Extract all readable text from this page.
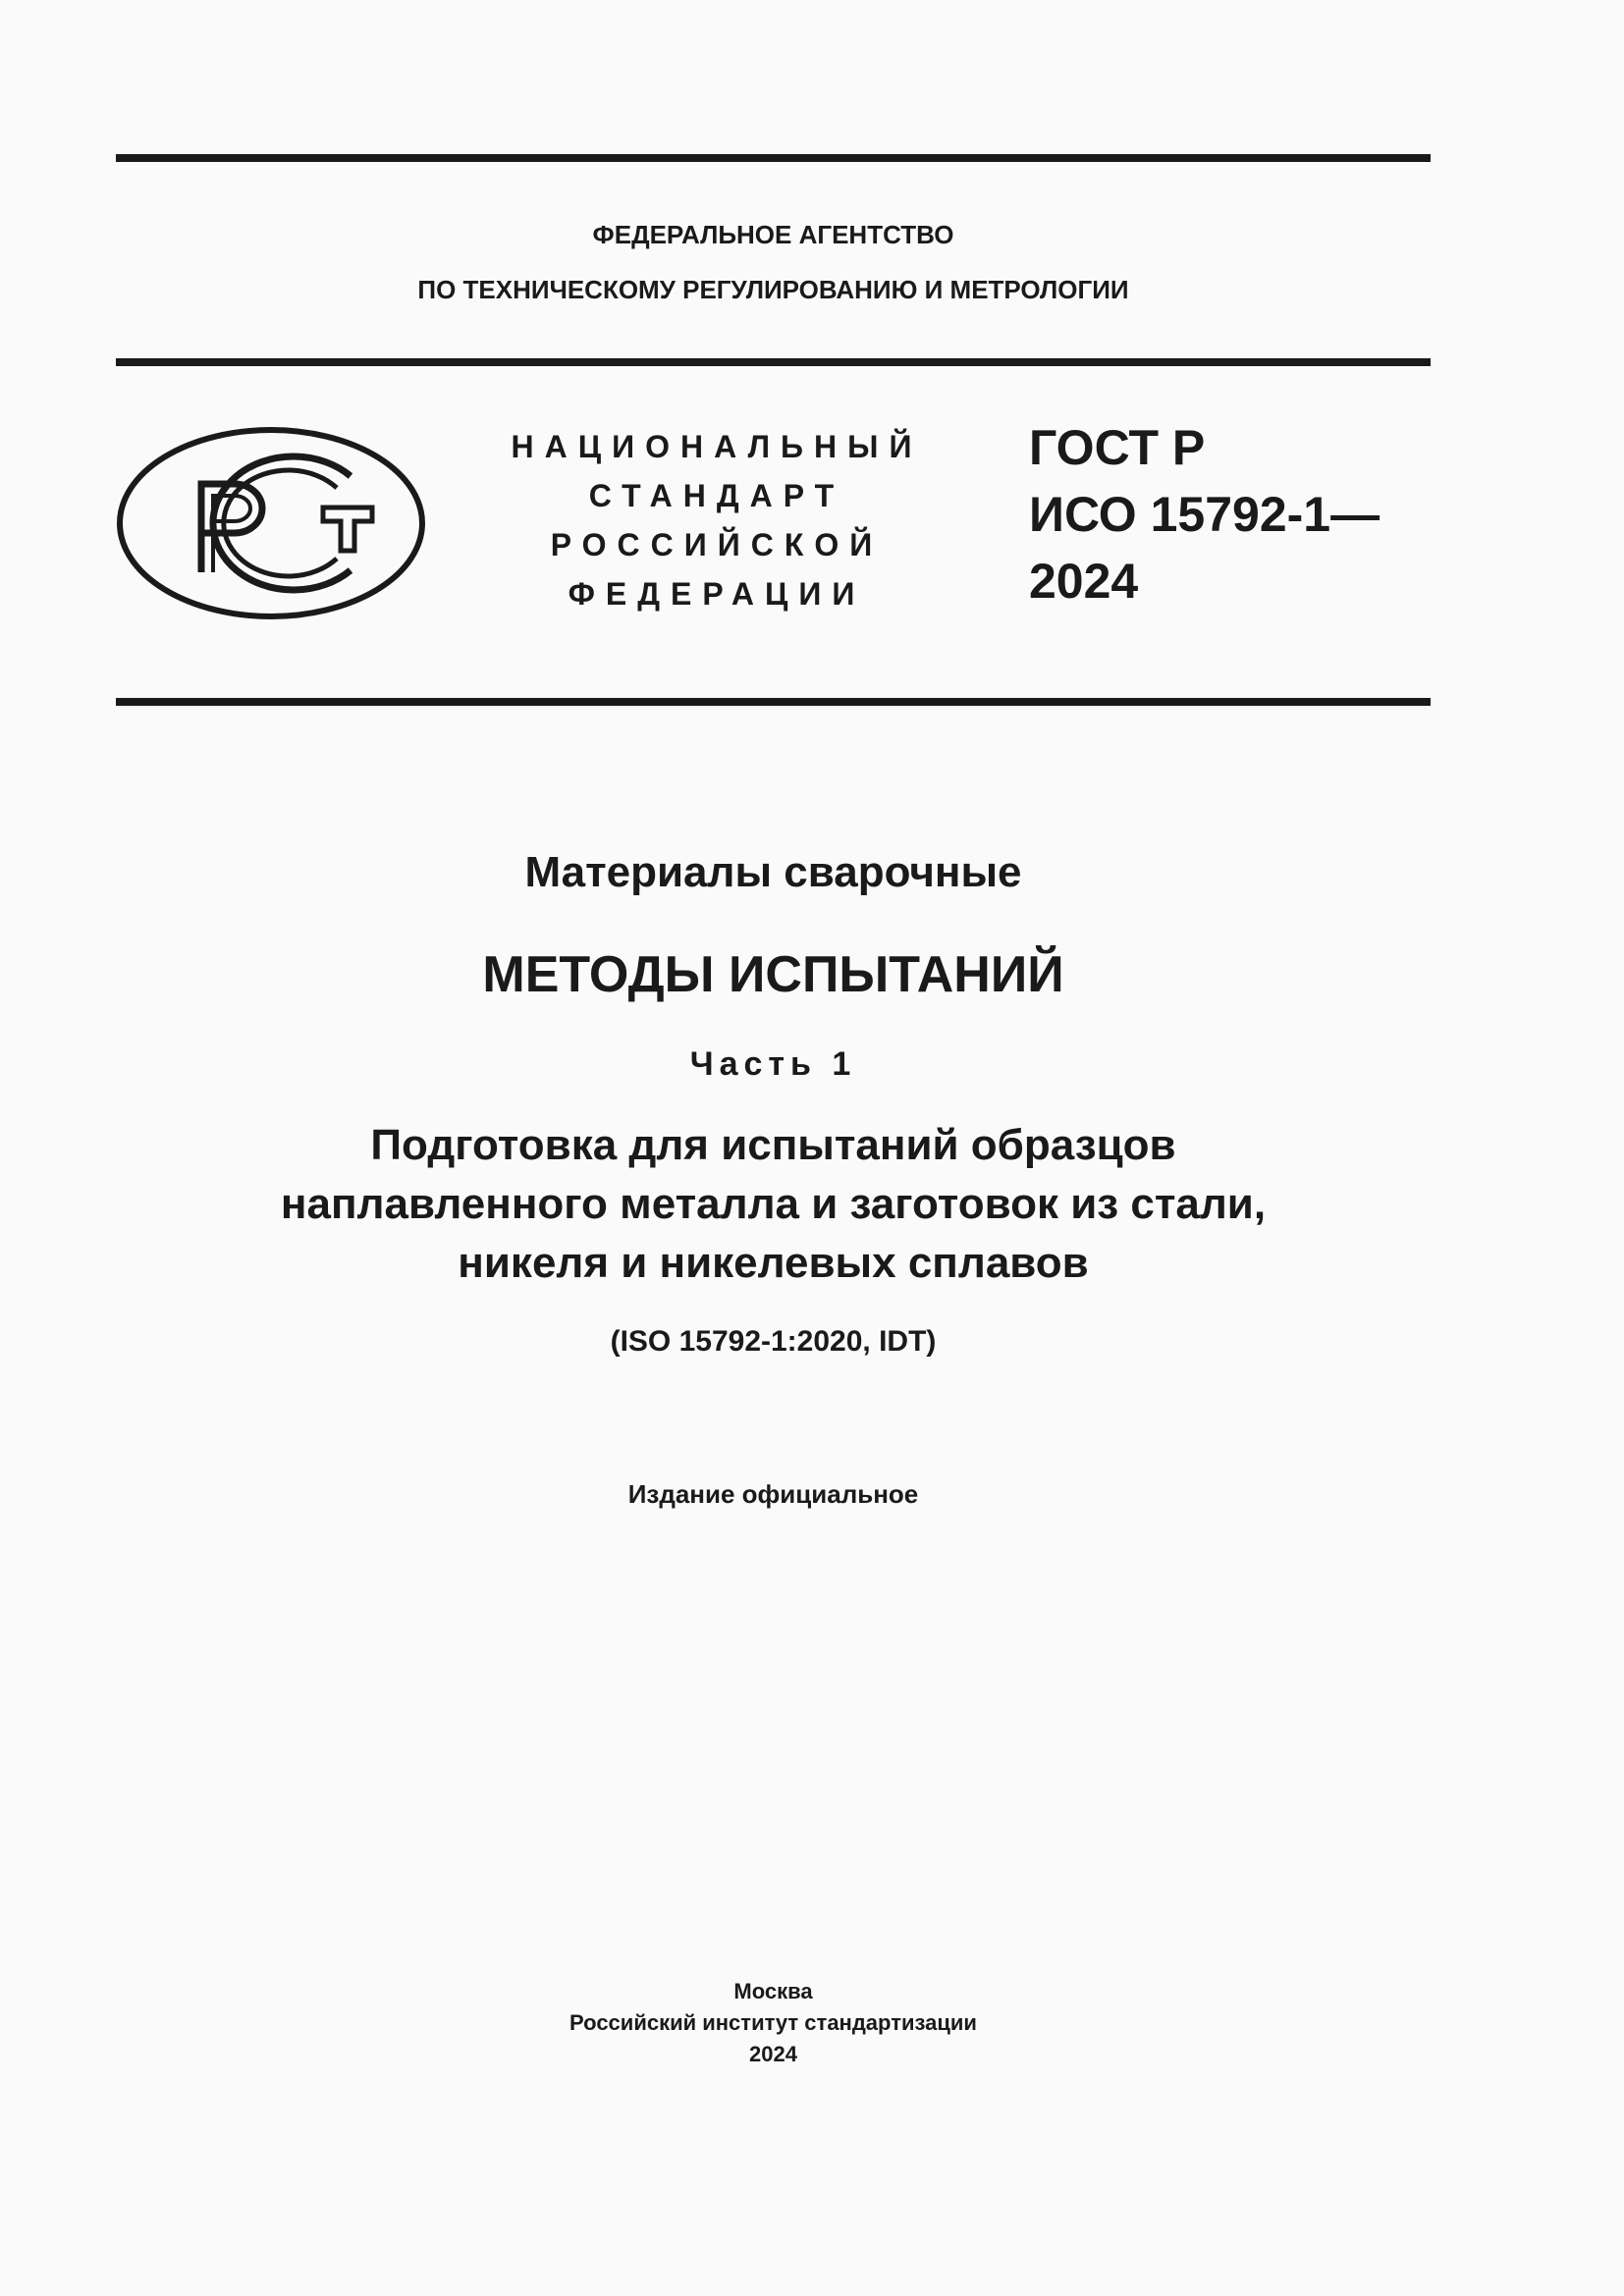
ФЕДЕРАЛЬНОЕ АГЕНТСТВО
ПО ТЕХНИЧЕСКОМУ РЕГУЛИРОВАНИЮ И МЕТРОЛОГИИ
НАЦИОНАЛЬНЫЙ
СТАНДАРТ
РОССИЙСКОЙ
ФЕДЕРАЦИИ
ГОСТ Р
ИСО 15792-1—
2024
Материалы сварочные
МЕТОДЫ ИСПЫТАНИЙ
Часть 1
Подготовка для испытаний образцов
наплавленного металла и заготовок из стали,
никеля и никелевых сплавов
(ISO 15792-1:2020, IDT)
Издание официальное
Москва
Российский институт стандартизации
2024
